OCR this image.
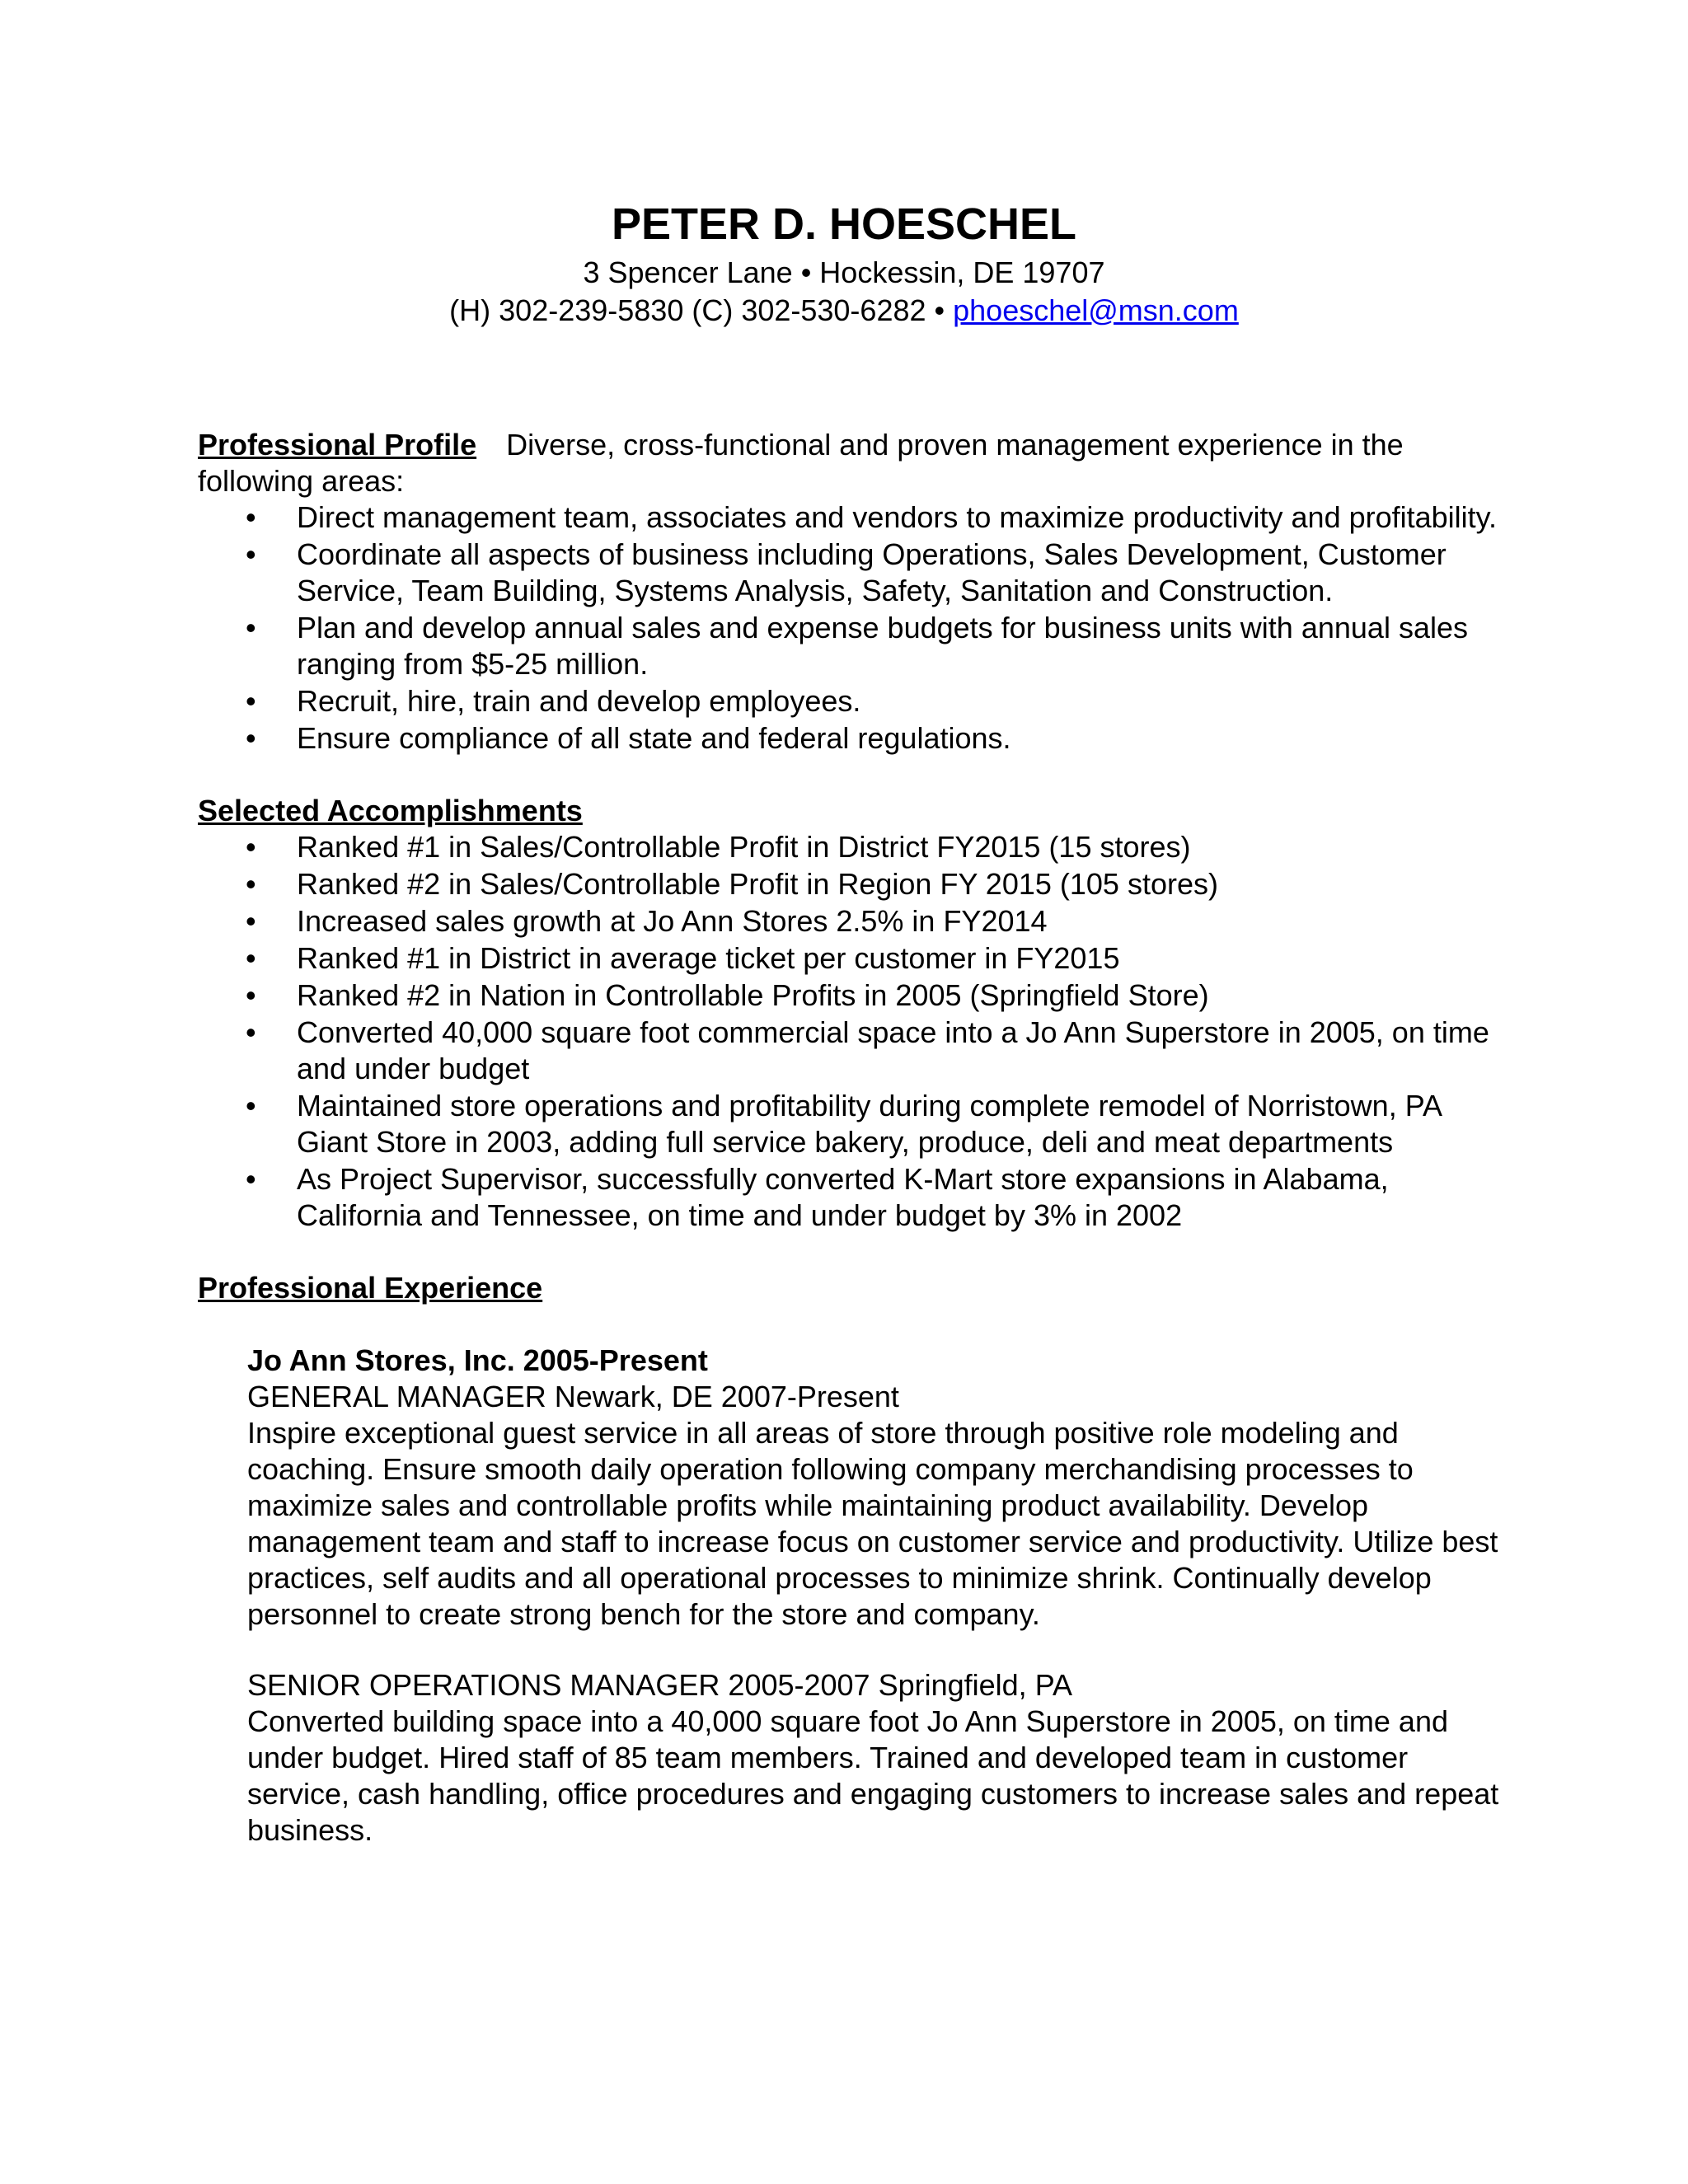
PETER D. HOESCHEL
3 Spencer Lane • Hockessin, DE 19707
(H) 302-239-5830 (C) 302-530-6282 • phoeschel@msn.com

Professional Profile Diverse, cross-functional and proven management experience in the following areas:

• Direct management team, associates and vendors to maximize productivity and profitability.
• Coordinate all aspects of business including Operations, Sales Development, Customer Service, Team Building, Systems Analysis, Safety, Sanitation and Construction.
• Plan and develop annual sales and expense budgets for business units with annual sales ranging from $5-25 million.
• Recruit, hire, train and develop employees.
• Ensure compliance of all state and federal regulations.
Selected Accomplishments
• Ranked #1 in Sales/Controllable Profit in District FY2015 (15 stores)
• Ranked #2 in Sales/Controllable Profit in Region FY 2015 (105 stores)
• Increased sales growth at Jo Ann Stores 2.5% in FY2014
• Ranked #1 in District in average ticket per customer in FY2015
• Ranked #2 in Nation in Controllable Profits in 2005 (Springfield Store)
• Converted 40,000 square foot commercial space into a Jo Ann Superstore in 2005, on time and under budget
• Maintained store operations and profitability during complete remodel of Norristown, PA Giant Store in 2003, adding full service bakery, produce, deli and meat departments
• As Project Supervisor, successfully converted K-Mart store expansions in Alabama, California and Tennessee, on time and under budget by 3% in 2002
Professional Experience

Jo Ann Stores, Inc. 2005-Present

GENERAL MANAGER Newark, DE 2007-Present

Inspire exceptional guest service in all areas of store through positive role modeling and coaching. Ensure smooth daily operation following company merchandising processes to maximize sales and controllable profits while maintaining product availability. Develop management team and staff to increase focus on customer service and productivity. Utilize best practices, self audits and all operational processes to minimize shrink. Continually develop personnel to create strong bench for the store and company.

SENIOR OPERATIONS MANAGER 2005-2007 Springfield, PA

Converted building space into a 40,000 square foot Jo Ann Superstore in 2005, on time and under budget. Hired staff of 85 team members. Trained and developed team in customer service, cash handling, office procedures and engaging customers to increase sales and repeat business.
